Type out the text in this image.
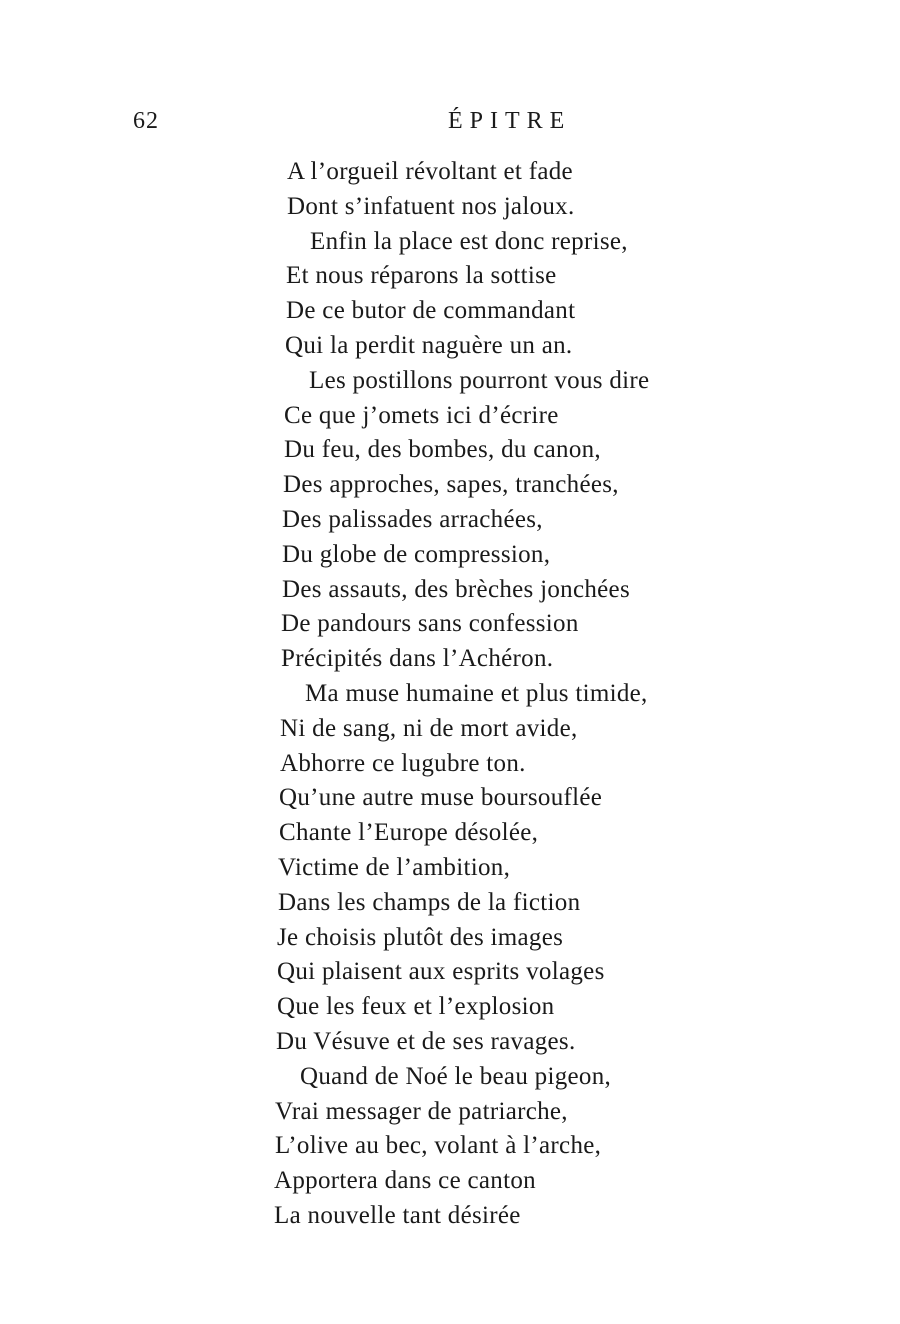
62	ÉPITRE
A l’orgueil révoltant et fade
Dont s’infatuent nos jaloux.
Enfin la place est donc reprise,
Et nous réparons la sottise
De ce butor de commandant
Qui la perdit naguère un an.
Les postillons pourront vous dire
Ce que j’omets ici d’écrire
Du feu, des bombes, du canon,
Des approches, sapes, tranchées,
Des palissades arrachées,
Du globe de compression,
Des assauts, des brèches jonchées
De pandours sans confession
Précipités dans l’Achéron.
Ma muse humaine et plus timide,
Ni de sang, ni de mort avide,
Abhorre ce lugubre ton.
Qu’une autre muse boursouflée
Chante l’Europe désolée,
Victime de l’ambition,
Dans les champs de la fiction
Je choisis plutôt des images
Qui plaisent aux esprits volages
Que les feux et l’explosion
Du Vésuve et de ses ravages.
Quand de Noé le beau pigeon,
Vrai messager de patriarche,
L’olive au bec, volant à l’arche,
Apportera dans ce canton
La nouvelle tant désirée
